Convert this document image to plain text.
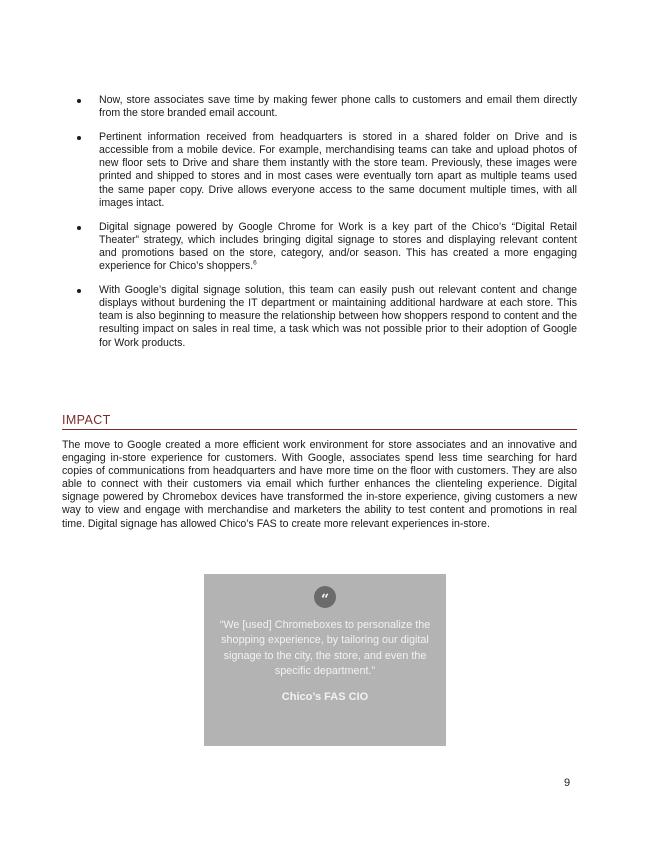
Now, store associates save time by making fewer phone calls to customers and email them directly from the store branded email account.
Pertinent information received from headquarters is stored in a shared folder on Drive and is accessible from a mobile device. For example, merchandising teams can take and upload photos of new floor sets to Drive and share them instantly with the store team. Previously, these images were printed and shipped to stores and in most cases were eventually torn apart as multiple teams used the same paper copy. Drive allows everyone access to the same document multiple times, with all images intact.
Digital signage powered by Google Chrome for Work is a key part of the Chico’s “Digital Retail Theater” strategy, which includes bringing digital signage to stores and displaying relevant content and promotions based on the store, category, and/or season. This has created a more engaging experience for Chico’s shoppers.$^6$
With Google’s digital signage solution, this team can easily push out relevant content and change displays without burdening the IT department or maintaining additional hardware at each store. This team is also beginning to measure the relationship between how shoppers respond to content and the resulting impact on sales in real time, a task which was not possible prior to their adoption of Google for Work products.
IMPACT

The move to Google created a more efficient work environment for store associates and an innovative and engaging in-store experience for customers. With Google, associates spend less time searching for hard copies of communications from headquarters and have more time on the floor with customers. They are also able to connect with their customers via email which further enhances the clienteling experience. Digital signage powered by Chromebox devices have transformed the in-store experience, giving customers a new way to view and engage with merchandise and marketers the ability to test content and promotions in real time. Digital signage has allowed Chico’s FAS to create more relevant experiences in-store.

“
“We [used] Chromeboxes to personalize the shopping experience, by tailoring our digital signage to the city, the store, and even the specific department.”
Chico’s FAS CIO
9
